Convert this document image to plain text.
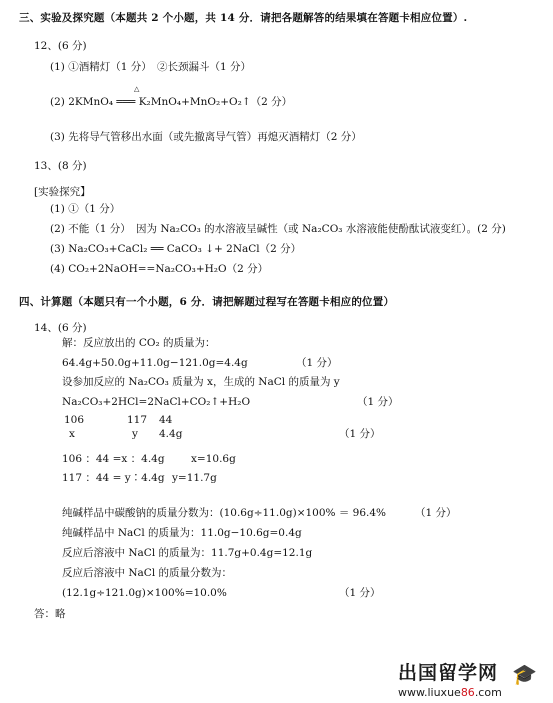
三、实验及探究题（本题共 2 个小题，共 14 分．请把各题解答的结果填在答题卡相应位置）.
12、(6 分)
(1) ①酒精灯（1 分）　②长颈漏斗（1 分）
△
(2) 2KMnO₄ ═══ K₂MnO₄+MnO₂+O₂↑（2 分）
(3) 先将导气管移出水面（或先撤离导气管）再熄灭酒精灯（2 分）
13、(8 分)
[实验探究】
(1) ①（1 分）
(2) 不能（1 分）　因为 Na₂CO₃ 的水溶液呈碱性（或 Na₂CO₃ 水溶液能使酚酞试液变红）。(2 分)
(3) Na₂CO₃+CaCl₂ ══ CaCO₃ ↓+ 2NaCl（2 分）
(4) CO₂+2NaOH==Na₂CO₃+H₂O（2 分）
四、计算题（本题只有一个小题，6 分．请把解题过程写在答题卡相应的位置）
14、(6 分)
解：反应放出的 CO₂ 的质量为：
64.4g+50.0g+11.0g−121.0g=4.4g	（1 分）
设参加反应的 Na₂CO₃ 质量为 x，生成的 NaCl 的质量为 y
Na₂CO₃+2HCl=2NaCl+CO₂↑+H₂O	（1 分）
106	117 44
x	y 4.4g	（1 分）
106 ：44 =x ：4.4g	x=10.6g
117 ：44 = y∶4.4g y=11.7g
纯碱样品中碳酸钠的质量分数为：(10.6g÷11.0g)×100% ＝ 96.4%	（1 分）
纯碱样品中 NaCl 的质量为：11.0g−10.6g=0.4g
反应后溶液中 NaCl 的质量为：11.7g+0.4g=12.1g
反应后溶液中 NaCl 的质量分数为：
(12.1g÷121.0g)×100%=10.0%	（1 分）
答：略
出国留学网 🎓
www.liuxue86.com
